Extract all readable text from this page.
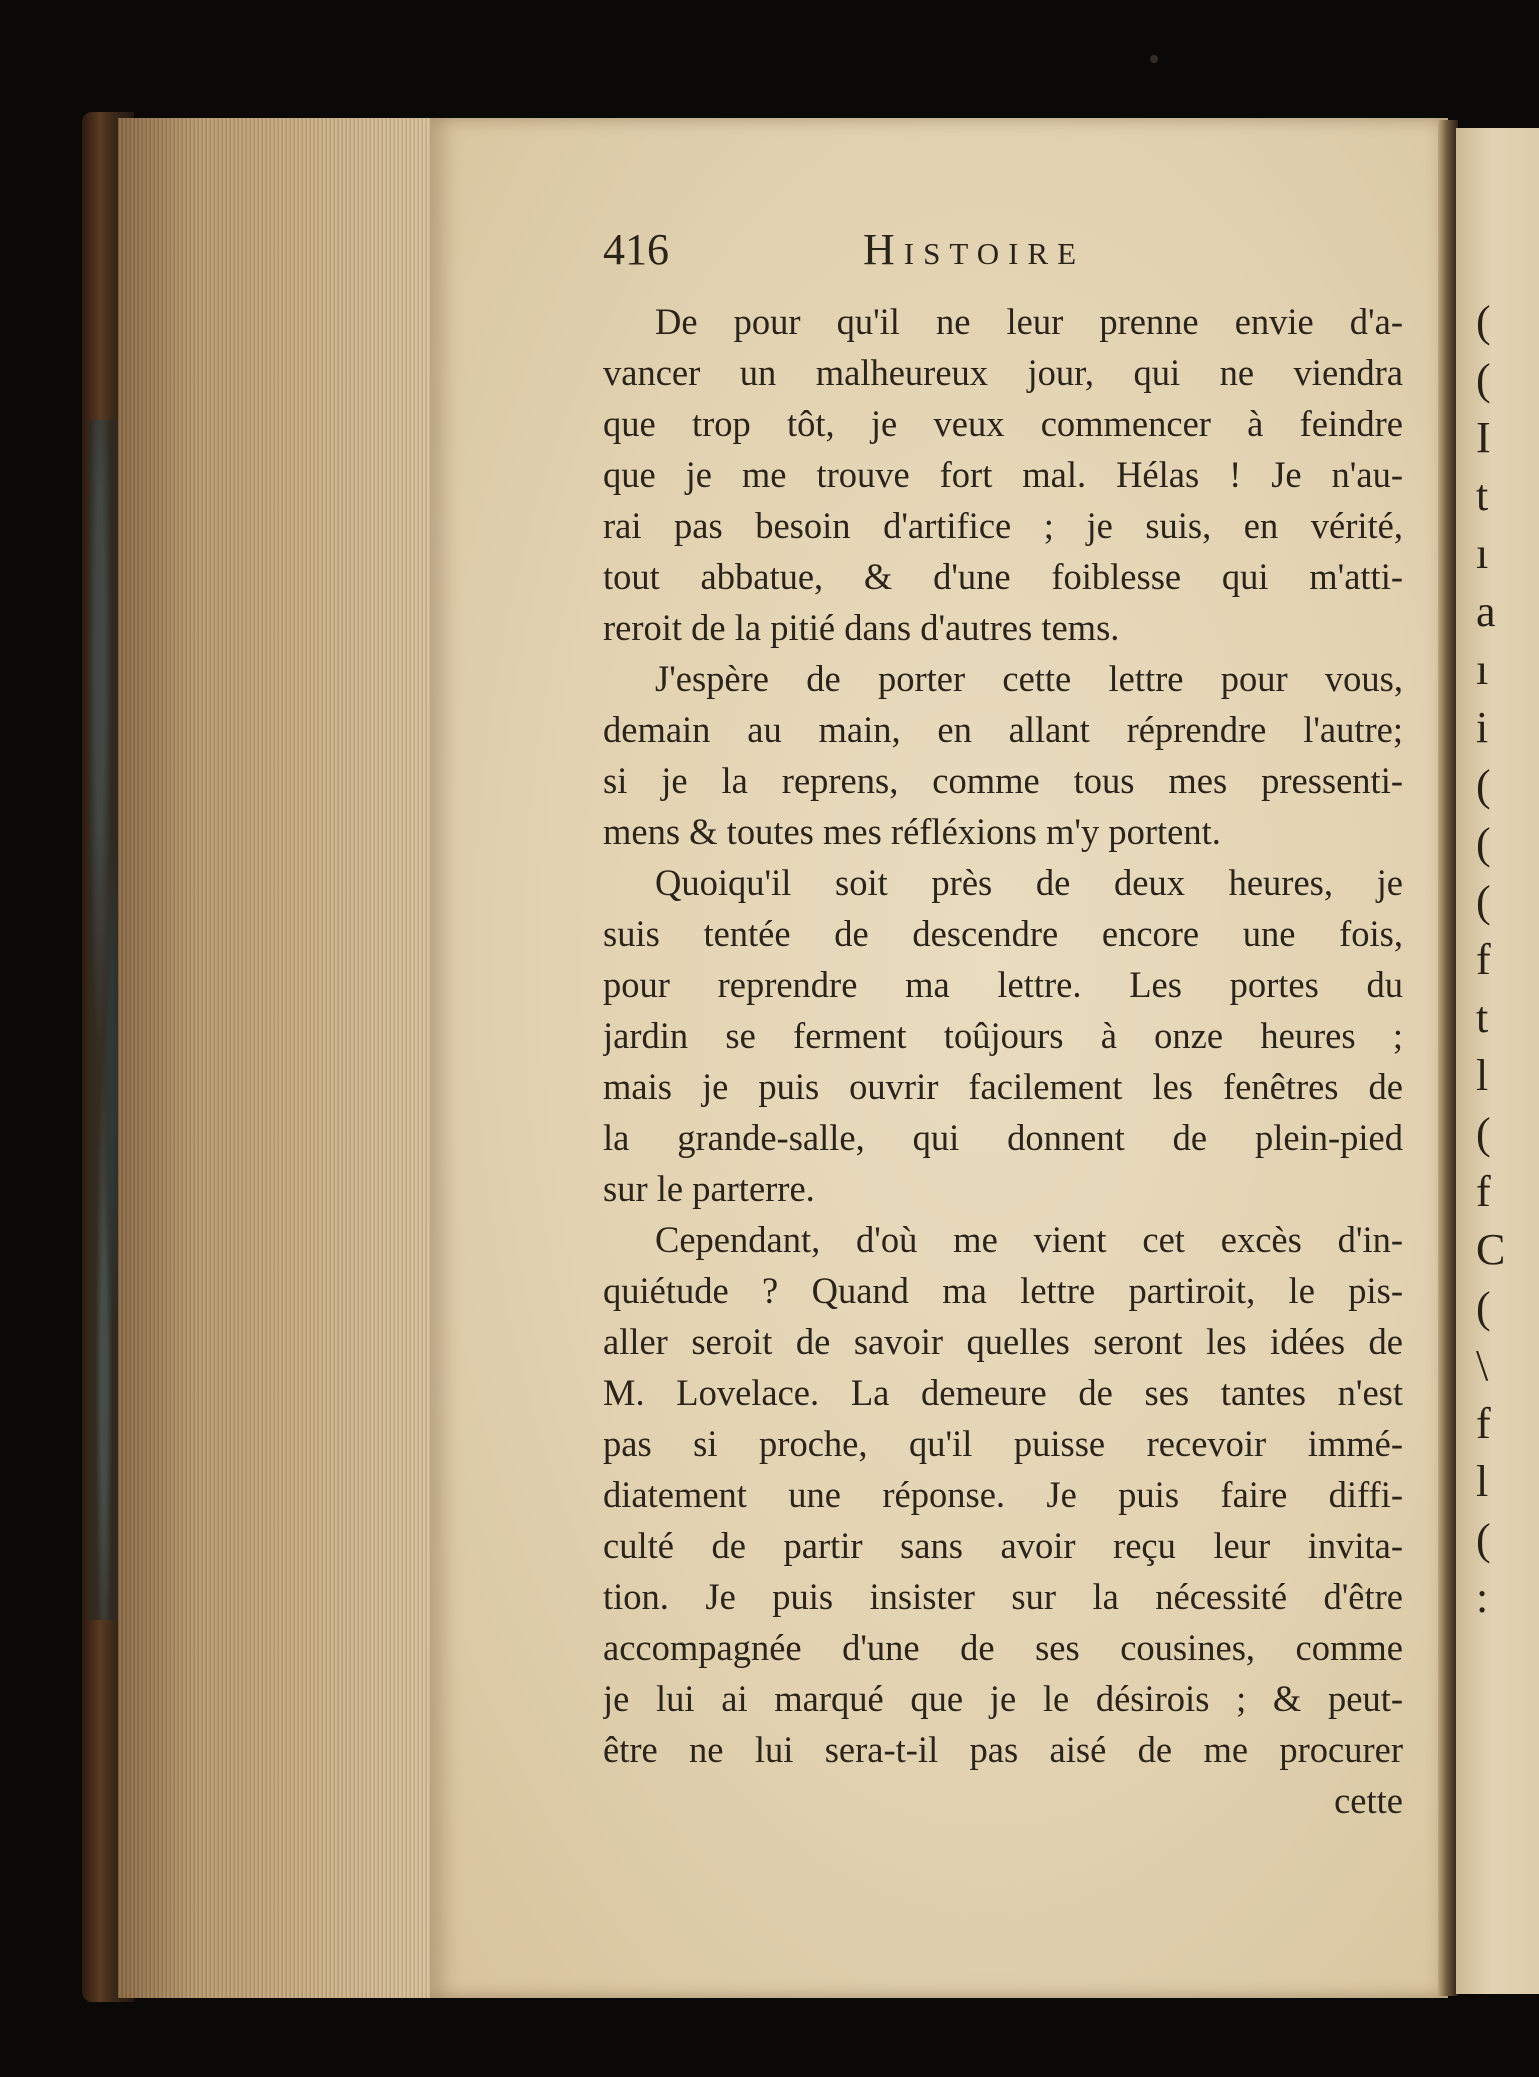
(
(
I
t
ı
a
ı
i
(
(
(
f
t
l
(
f
C
(
\
f
l
(
:
416	Histoire
De pour qu'il ne leur prenne envie d'a-
vancer un malheureux jour, qui ne viendra
que trop tôt, je veux commencer à feindre
que je me trouve fort mal. Hélas ! Je n'au-
rai pas besoin d'artifice ; je suis, en vérité,
tout abbatue, & d'une foiblesse qui m'atti-
reroit de la pitié dans d'autres tems.
J'espère de porter cette lettre pour vous,
demain au main, en allant réprendre l'autre;
si je la reprens, comme tous mes pressenti-
mens & toutes mes réfléxions m'y portent.
Quoiqu'il soit près de deux heures, je
suis tentée de descendre encore une fois,
pour reprendre ma lettre. Les portes du
jardin se ferment toûjours à onze heures ;
mais je puis ouvrir facilement les fenêtres de
la grande-salle, qui donnent de plein-pied
sur le parterre.
Cependant, d'où me vient cet excès d'in-
quiétude ? Quand ma lettre partiroit, le pis-
aller seroit de savoir quelles seront les idées de
M. Lovelace. La demeure de ses tantes n'est
pas si proche, qu'il puisse recevoir immé-
diatement une réponse. Je puis faire diffi-
culté de partir sans avoir reçu leur invita-
tion. Je puis insister sur la nécessité d'être
accompagnée d'une de ses cousines, comme
je lui ai marqué que je le désirois ; & peut-
être ne lui sera-t-il pas aisé de me procurer
cette
